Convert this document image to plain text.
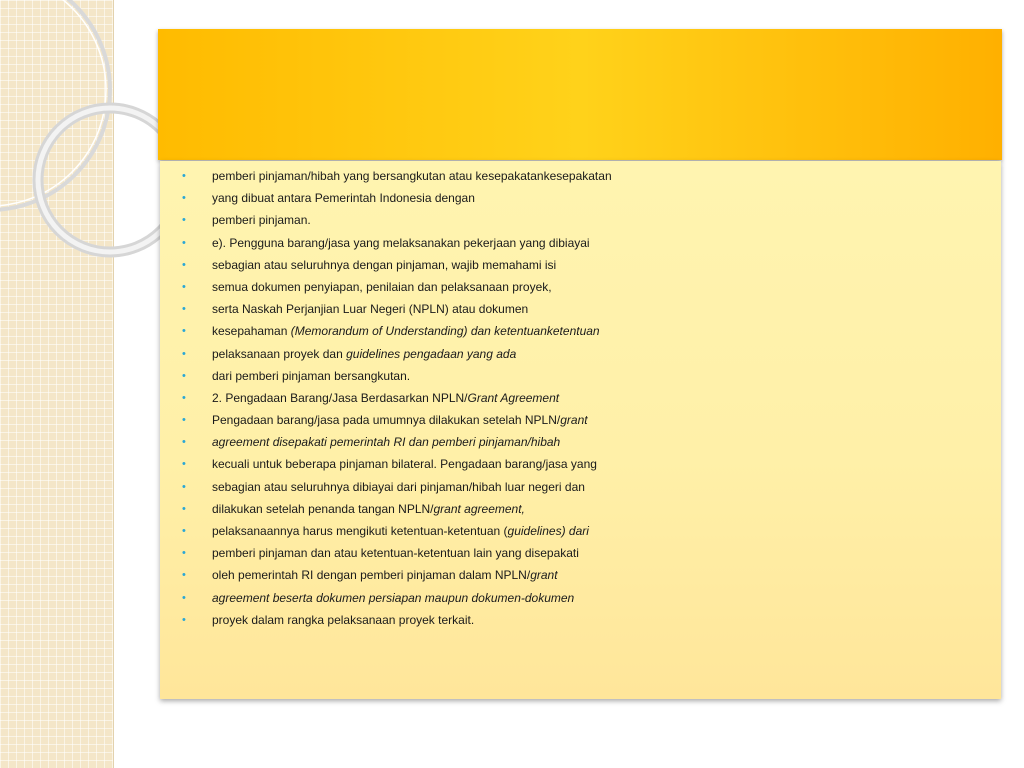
• pemberi pinjaman/hibah yang bersangkutan atau kesepakatankesepakatan
• yang dibuat antara Pemerintah Indonesia dengan
• pemberi pinjaman.
• e). Pengguna barang/jasa yang melaksanakan pekerjaan yang dibiayai
• sebagian atau seluruhnya dengan pinjaman, wajib memahami isi
• semua dokumen penyiapan, penilaian dan pelaksanaan proyek,
• serta Naskah Perjanjian Luar Negeri (NPLN) atau dokumen
• kesepahaman (Memorandum of Understanding) dan ketentuanketentuan
• pelaksanaan proyek dan guidelines pengadaan yang ada
• dari pemberi pinjaman bersangkutan.
• 2. Pengadaan Barang/Jasa Berdasarkan NPLN/Grant Agreement
• Pengadaan barang/jasa pada umumnya dilakukan setelah NPLN/grant
• agreement disepakati pemerintah RI dan pemberi pinjaman/hibah
• kecuali untuk beberapa pinjaman bilateral. Pengadaan barang/jasa yang
• sebagian atau seluruhnya dibiayai dari pinjaman/hibah luar negeri dan
• dilakukan setelah penanda tangan NPLN/grant agreement,
• pelaksanaannya harus mengikuti ketentuan-ketentuan (guidelines) dari
• pemberi pinjaman dan atau ketentuan-ketentuan lain yang disepakati
• oleh pemerintah RI dengan pemberi pinjaman dalam NPLN/grant
• agreement beserta dokumen persiapan maupun dokumen-dokumen
• proyek dalam rangka pelaksanaan proyek terkait.
